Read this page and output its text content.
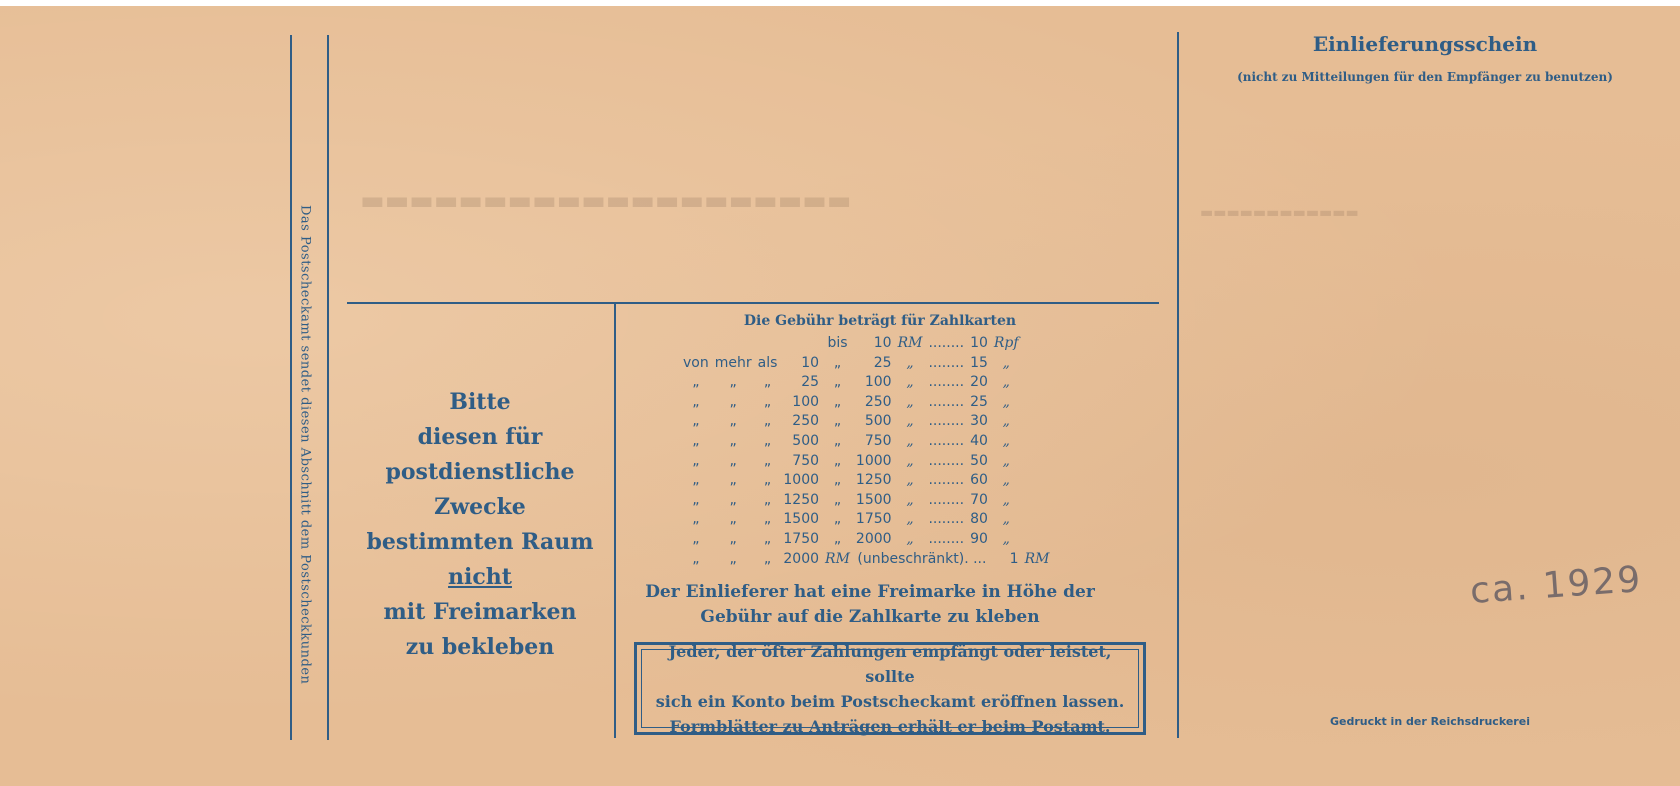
Das Postscheckamt sendet diesen Abschnitt dem Postscheckkunden
▬▬▬▬▬▬▬▬▬▬▬▬▬▬▬▬▬▬▬▬	▬▬▬▬▬▬▬▬▬▬▬▬
Bitte
diesen für
postdienstliche Zwecke
bestimmten Raum
nicht
mit Freimarken
zu bekleben
Die Gebühr beträgt für Zahlkarten
				bis	10	RM	........	10	Rpf	
von	mehr	als	10	„	25	„	........	15	„	
„	„	„	25	„	100	„	........	20	„	
„	„	„	100	„	250	„	........	25	„	
„	„	„	250	„	500	„	........	30	„	
„	„	„	500	„	750	„	........	40	„	
„	„	„	750	„	1000	„	........	50	„	
„	„	„	1000	„	1250	„	........	60	„	
„	„	„	1250	„	1500	„	........	70	„	
„	„	„	1500	„	1750	„	........	80	„	
„	„	„	1750	„	2000	„	........	90	„	
„	„	„	2000	RM	(unbeschränkt). ...				1	RM
Der Einlieferer hat eine Freimarke in Höhe der
Gebühr auf die Zahlkarte zu kleben
Jeder, der öfter Zahlungen empfängt oder leistet, sollte
sich ein Konto beim Postscheckamt eröffnen lassen.
Formblätter zu Anträgen erhält er beim Postamt.
Einlieferungsschein
(nicht zu Mitteilungen für den Empfänger zu benutzen)
ca. 1929
Gedruckt in der Reichsdruckerei
